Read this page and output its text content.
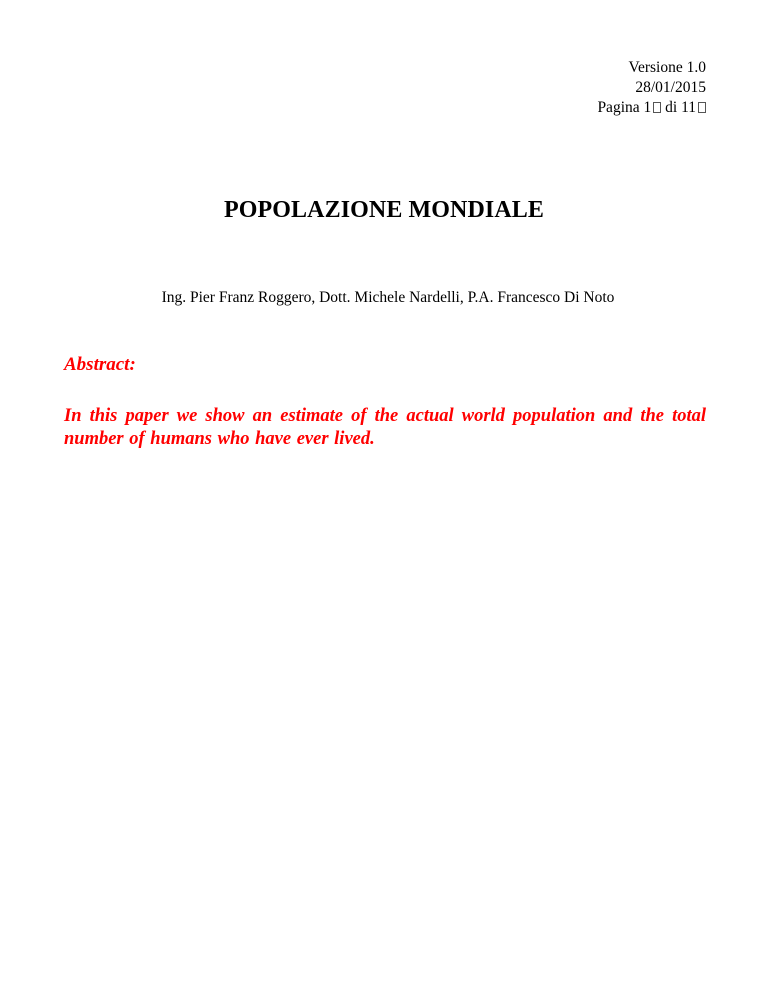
Versione 1.0
28/01/2015
Pagina 1 di 11
POPOLAZIONE MONDIALE
Ing. Pier Franz Roggero, Dott. Michele Nardelli, P.A. Francesco Di Noto
Abstract:
In this paper we show an estimate of the actual world population and the total number of humans who have ever lived.
